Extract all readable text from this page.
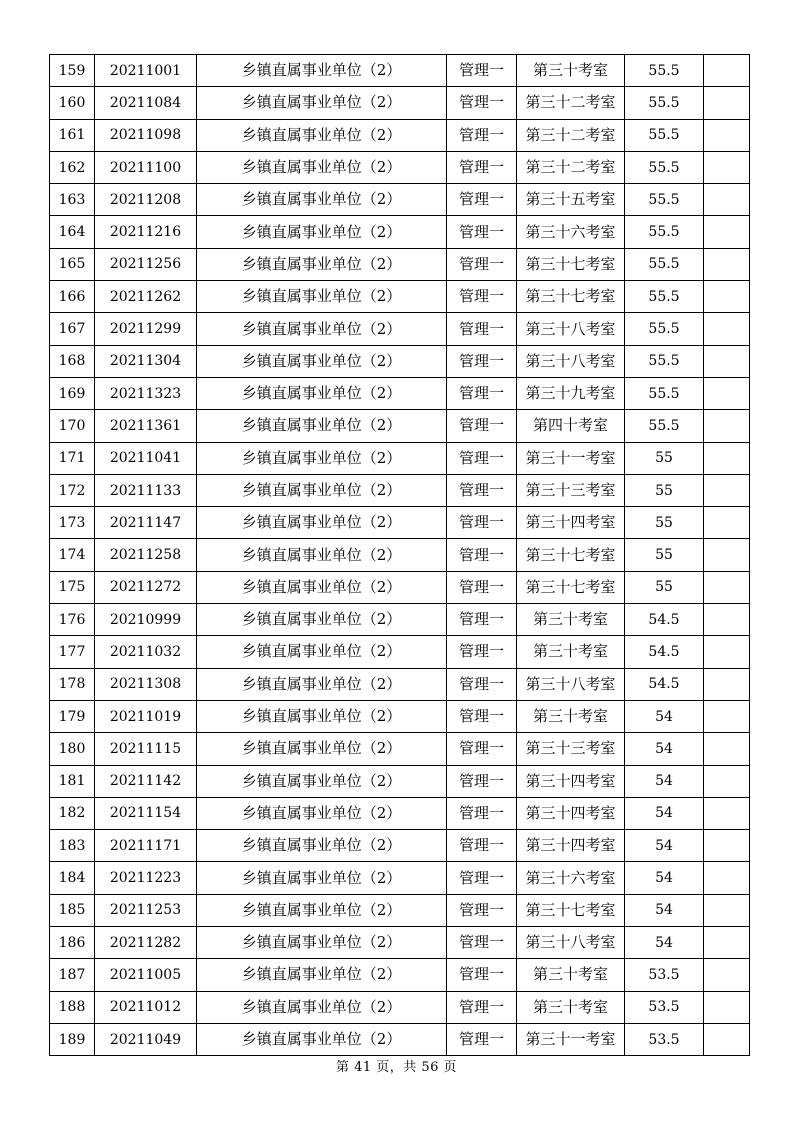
159	20211001	乡镇直属事业单位（2）	管理一	第三十考室	55.5	
160	20211084	乡镇直属事业单位（2）	管理一	第三十二考室	55.5	
161	20211098	乡镇直属事业单位（2）	管理一	第三十二考室	55.5	
162	20211100	乡镇直属事业单位（2）	管理一	第三十二考室	55.5	
163	20211208	乡镇直属事业单位（2）	管理一	第三十五考室	55.5	
164	20211216	乡镇直属事业单位（2）	管理一	第三十六考室	55.5	
165	20211256	乡镇直属事业单位（2）	管理一	第三十七考室	55.5	
166	20211262	乡镇直属事业单位（2）	管理一	第三十七考室	55.5	
167	20211299	乡镇直属事业单位（2）	管理一	第三十八考室	55.5	
168	20211304	乡镇直属事业单位（2）	管理一	第三十八考室	55.5	
169	20211323	乡镇直属事业单位（2）	管理一	第三十九考室	55.5	
170	20211361	乡镇直属事业单位（2）	管理一	第四十考室	55.5	
171	20211041	乡镇直属事业单位（2）	管理一	第三十一考室	55	
172	20211133	乡镇直属事业单位（2）	管理一	第三十三考室	55	
173	20211147	乡镇直属事业单位（2）	管理一	第三十四考室	55	
174	20211258	乡镇直属事业单位（2）	管理一	第三十七考室	55	
175	20211272	乡镇直属事业单位（2）	管理一	第三十七考室	55	
176	20210999	乡镇直属事业单位（2）	管理一	第三十考室	54.5	
177	20211032	乡镇直属事业单位（2）	管理一	第三十考室	54.5	
178	20211308	乡镇直属事业单位（2）	管理一	第三十八考室	54.5	
179	20211019	乡镇直属事业单位（2）	管理一	第三十考室	54	
180	20211115	乡镇直属事业单位（2）	管理一	第三十三考室	54	
181	20211142	乡镇直属事业单位（2）	管理一	第三十四考室	54	
182	20211154	乡镇直属事业单位（2）	管理一	第三十四考室	54	
183	20211171	乡镇直属事业单位（2）	管理一	第三十四考室	54	
184	20211223	乡镇直属事业单位（2）	管理一	第三十六考室	54	
185	20211253	乡镇直属事业单位（2）	管理一	第三十七考室	54	
186	20211282	乡镇直属事业单位（2）	管理一	第三十八考室	54	
187	20211005	乡镇直属事业单位（2）	管理一	第三十考室	53.5	
188	20211012	乡镇直属事业单位（2）	管理一	第三十考室	53.5	
189	20211049	乡镇直属事业单位（2）	管理一	第三十一考室	53.5	
第 41 页，共 56 页
